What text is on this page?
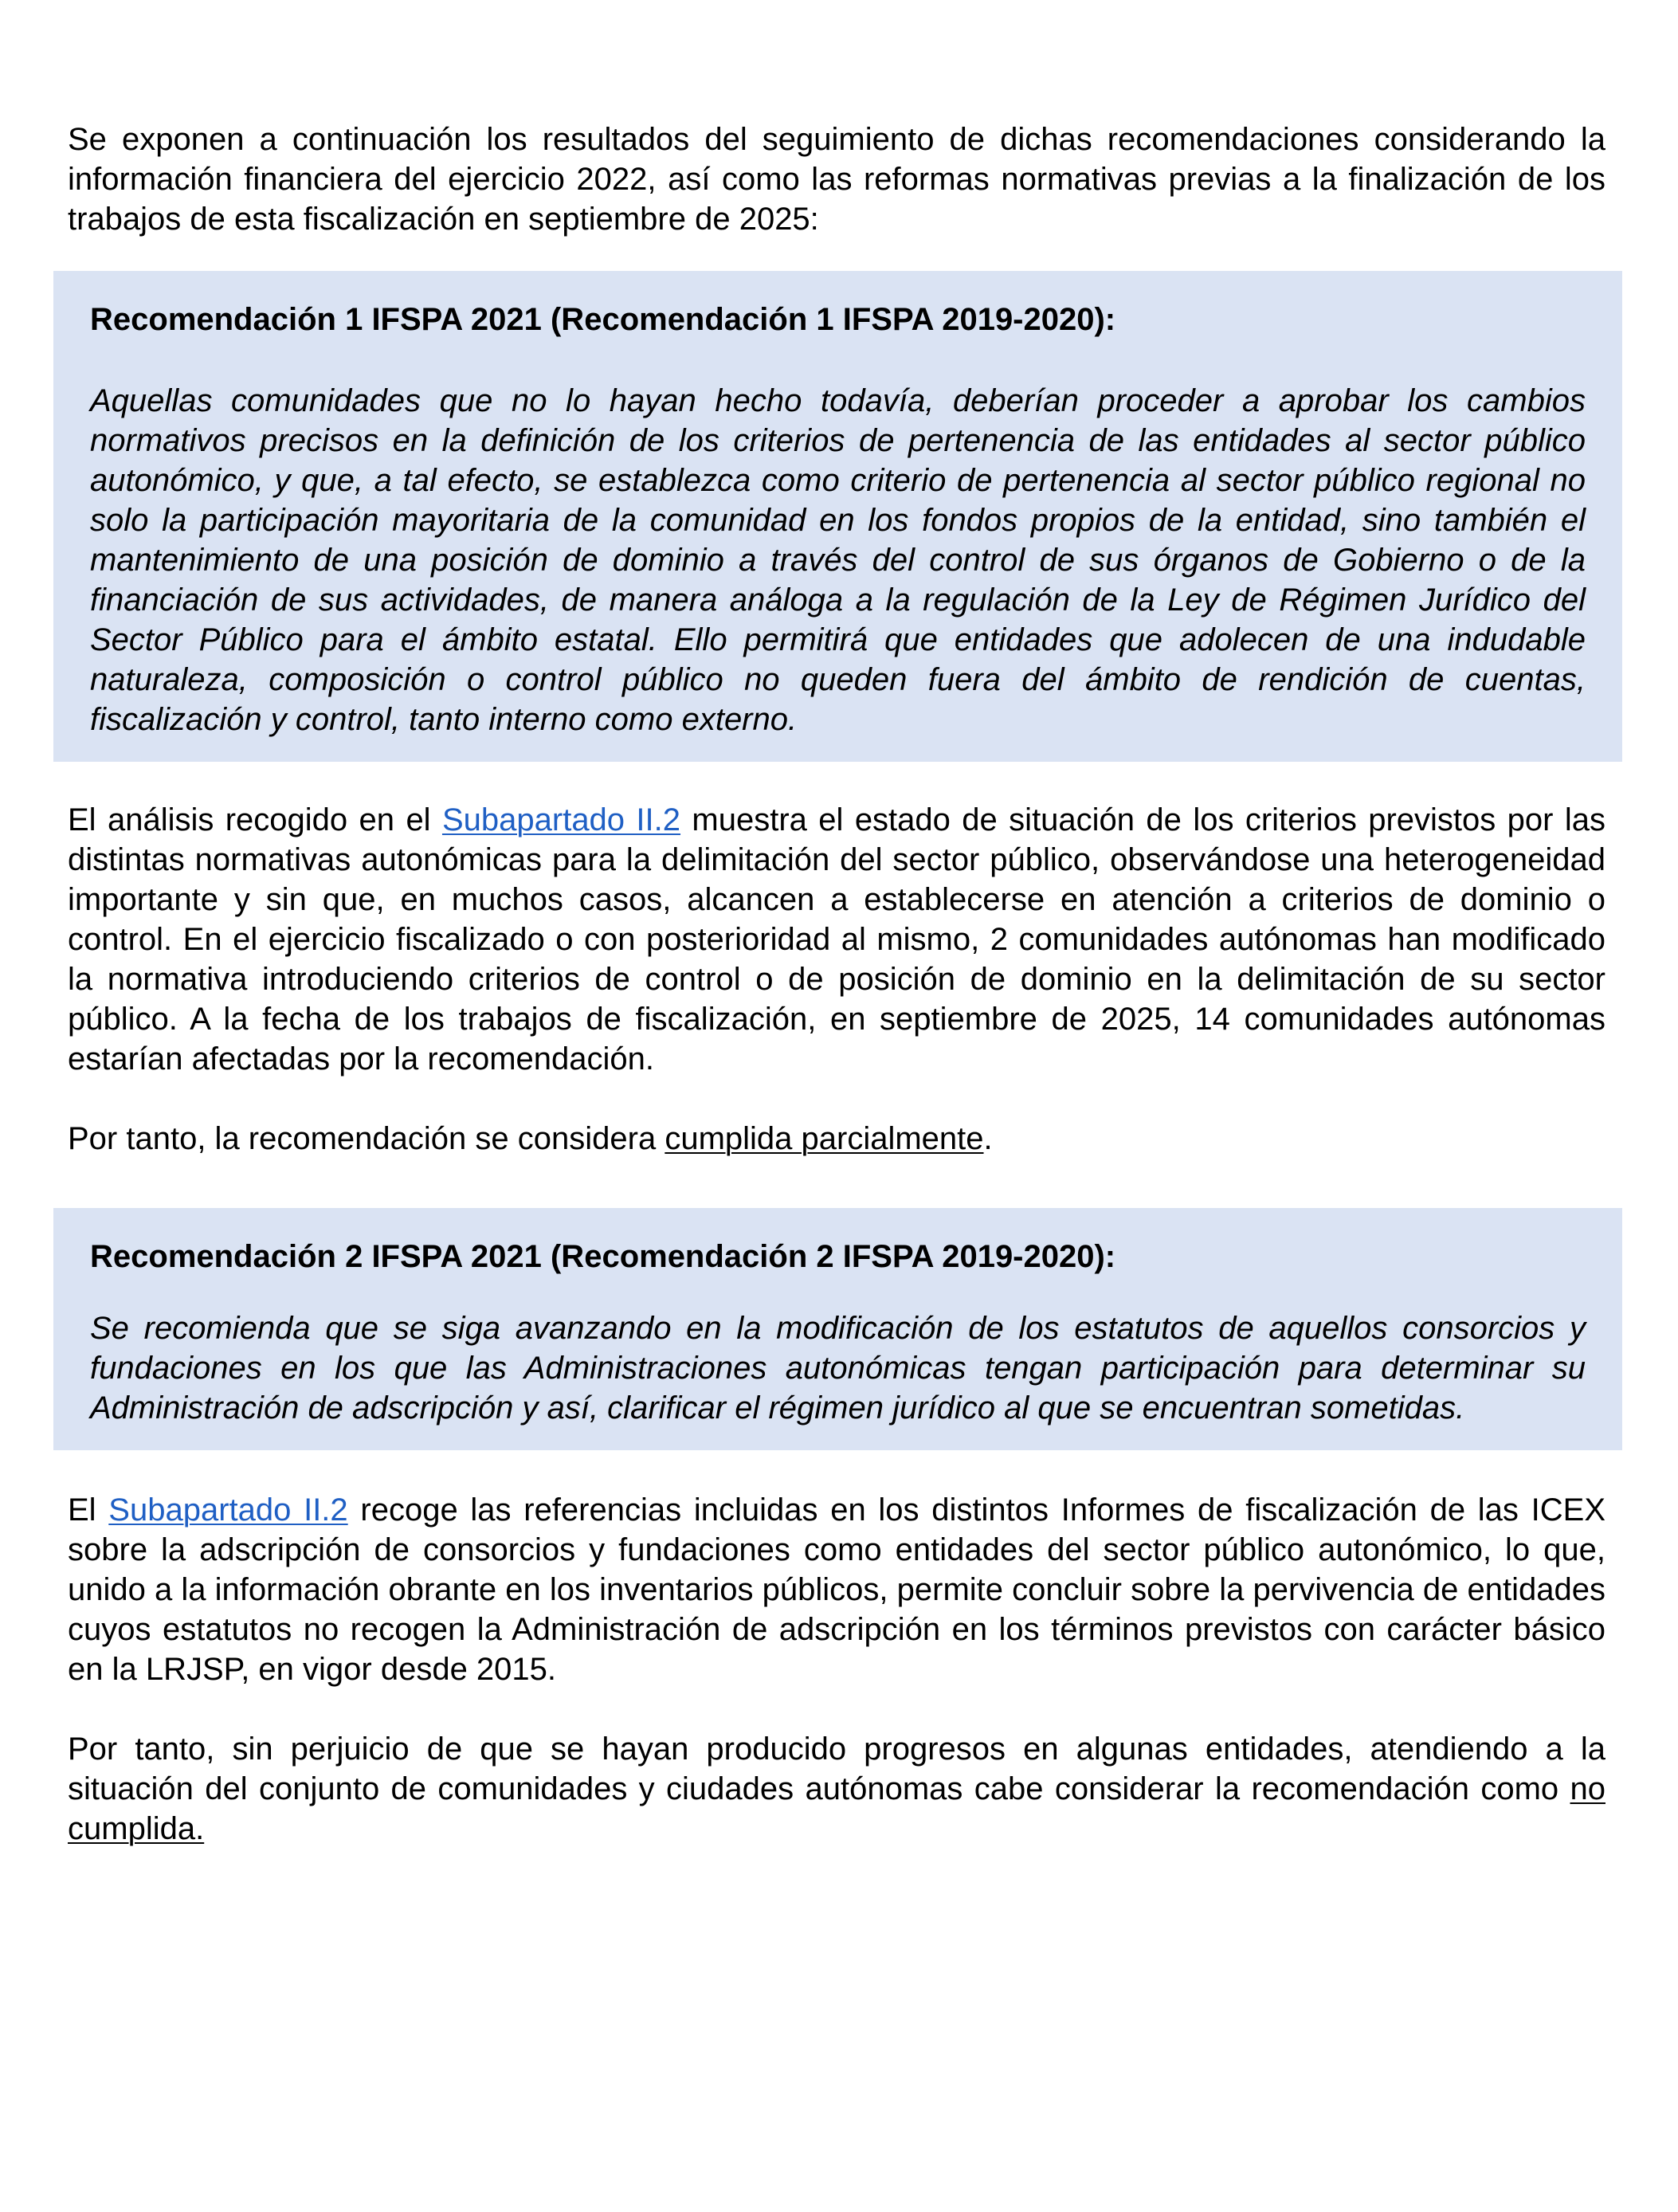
Se exponen a continuación los resultados del seguimiento de dichas recomendaciones considerando la información financiera del ejercicio 2022, así como las reformas normativas previas a la finalización de los trabajos de esta fiscalización en septiembre de 2025:

Recomendación 1 IFSPA 2021 (Recomendación 1 IFSPA 2019-2020):

Aquellas comunidades que no lo hayan hecho todavía, deberían proceder a aprobar los cambios normativos precisos en la definición de los criterios de pertenencia de las entidades al sector público autonómico, y que, a tal efecto, se establezca como criterio de pertenencia al sector público regional no solo la participación mayoritaria de la comunidad en los fondos propios de la entidad, sino también el mantenimiento de una posición de dominio a través del control de sus órganos de Gobierno o de la financiación de sus actividades, de manera análoga a la regulación de la Ley de Régimen Jurídico del Sector Público para el ámbito estatal. Ello permitirá que entidades que adolecen de una indudable naturaleza, composición o control público no queden fuera del ámbito de rendición de cuentas, fiscalización y control, tanto interno como externo.

El análisis recogido en el Subapartado II.2 muestra el estado de situación de los criterios previstos por las distintas normativas autonómicas para la delimitación del sector público, observándose una heterogeneidad importante y sin que, en muchos casos, alcancen a establecerse en atención a criterios de dominio o control. En el ejercicio fiscalizado o con posterioridad al mismo, 2 comunidades autónomas han modificado la normativa introduciendo criterios de control o de posición de dominio en la delimitación de su sector público. A la fecha de los trabajos de fiscalización, en septiembre de 2025, 14 comunidades autónomas estarían afectadas por la recomendación.

Por tanto, la recomendación se considera cumplida parcialmente.

Recomendación 2 IFSPA 2021 (Recomendación 2 IFSPA 2019-2020):

Se recomienda que se siga avanzando en la modificación de los estatutos de aquellos consorcios y fundaciones en los que las Administraciones autonómicas tengan participación para determinar su Administración de adscripción y así, clarificar el régimen jurídico al que se encuentran sometidas.

El Subapartado II.2 recoge las referencias incluidas en los distintos Informes de fiscalización de las ICEX sobre la adscripción de consorcios y fundaciones como entidades del sector público autonómico, lo que, unido a la información obrante en los inventarios públicos, permite concluir sobre la pervivencia de entidades cuyos estatutos no recogen la Administración de adscripción en los términos previstos con carácter básico en la LRJSP, en vigor desde 2015.

Por tanto, sin perjuicio de que se hayan producido progresos en algunas entidades, atendiendo a la situación del conjunto de comunidades y ciudades autónomas cabe considerar la recomendación como no cumplida.
